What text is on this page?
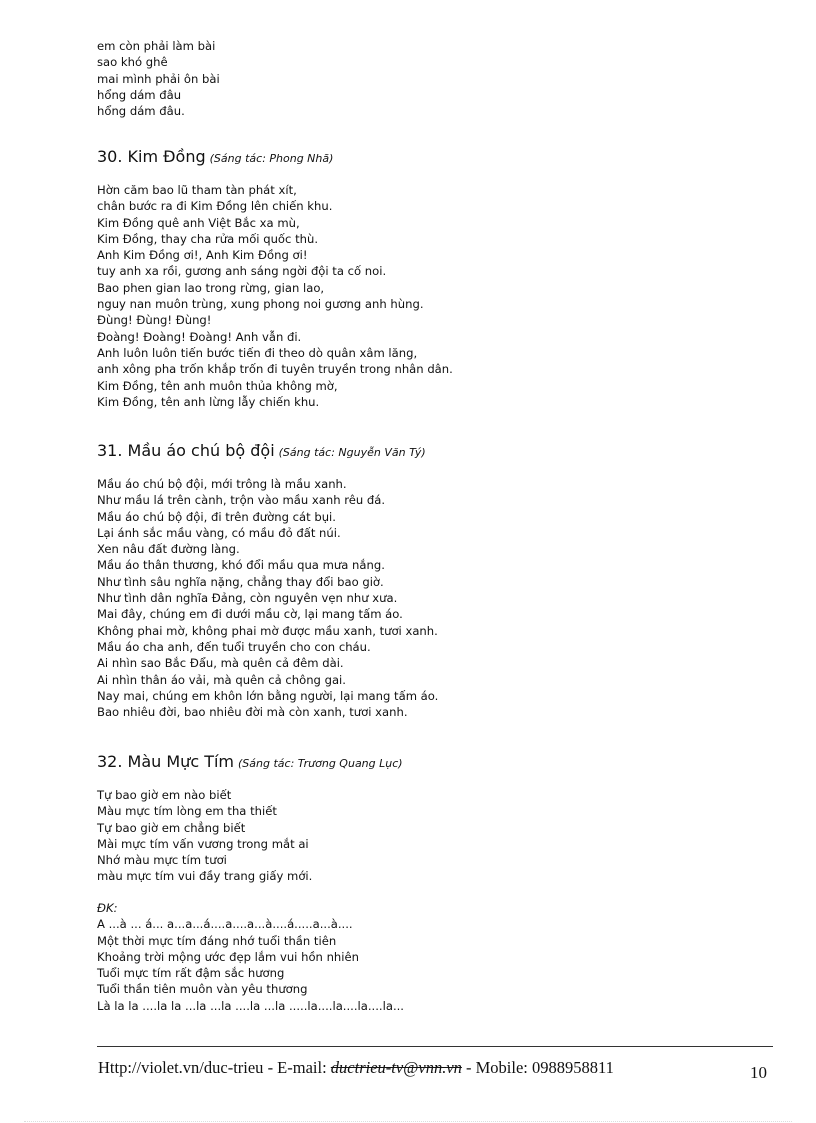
em còn phải làm bài
sao khó ghê
mai mình phải ôn bài
hổng dám đâu
hổng dám đâu.
30. Kim Đồng (Sáng tác: Phong Nhã)
Hờn căm bao lũ tham tàn phát xít,
chân bước ra đi Kim Đồng lên chiến khu.
Kim Đồng quê anh Việt Bắc xa mù,
Kim Đồng, thay cha rửa mối quốc thù.
Anh Kim Đồng ơi!, Anh Kim Đồng ơi!
tuy anh xa rồi, gương anh sáng ngời đội ta cố noi.
Bao phen gian lao trong rừng, gian lao,
nguy nan muôn trùng, xung phong noi gương anh hùng.
Đùng! Đùng! Đùng!
Đoàng! Đoàng! Đoàng! Anh vẫn đi.
Anh luôn luôn tiến bước tiến đi theo dò quân xâm lăng,
anh xông pha trốn khắp trốn đi tuyên truyền trong nhân dân.
Kim Đồng, tên anh muôn thủa không mờ,
Kim Đồng, tên anh lừng lẫy chiến khu.
31. Mầu áo chú bộ đội (Sáng tác: Nguyễn Văn Tý)
Mầu áo chú bộ đội, mới trông là mầu xanh.
Như mầu lá trên cành, trộn vào mầu xanh rêu đá.
Mầu áo chú bộ đội, đi trên đường cát bụi.
Lại ánh sắc mầu vàng, có mầu đỏ đất núi.
Xen nâu đất đường làng.
Mầu áo thân thương, khó đổi mầu qua mưa nắng.
Như tình sâu nghĩa nặng, chẳng thay đổi bao giờ.
Như tình dân nghĩa Đảng, còn nguyên vẹn như xưa.
Mai đây, chúng em đi dưới mầu cờ, lại mang tấm áo.
Không phai mờ, không phai mờ được mầu xanh, tươi xanh.
Mầu áo cha anh, đến tuổi truyền cho con cháu.
Ai nhìn sao Bắc Đẩu, mà quên cả đêm dài.
Ai nhìn thân áo vải, mà quên cả chông gai.
Nay mai, chúng em khôn lớn bằng người, lại mang tấm áo.
Bao nhiêu đời, bao nhiêu đời mà còn xanh, tươi xanh.
32. Màu Mực Tím (Sáng tác: Trương Quang Lục)
Tự bao giờ em nào biết
Màu mực tím lòng em tha thiết
Tự bao giờ em chẳng biết
Mài mực tím vấn vương trong mắt ai
Nhớ màu mực tím tươi
màu mực tím vui đầy trang giấy mới.
ĐK:
A ...à ... á... a...a...á....a....a...à....á.....a...à....
Một thời mực tím đáng nhớ tuổi thần tiên
Khoảng trời mộng ước đẹp lắm vui hồn nhiên
Tuổi mực tím rất đậm sắc hương
Tuổi thần tiên muôn vàn yêu thương
Là la la ....la la ...la ...la ....la ...la .....la....la....la....la...
Http://violet.vn/duc-trieu - E-mail: ductrieu-tv@vnn.vn - Mobile: 0988958811	10
